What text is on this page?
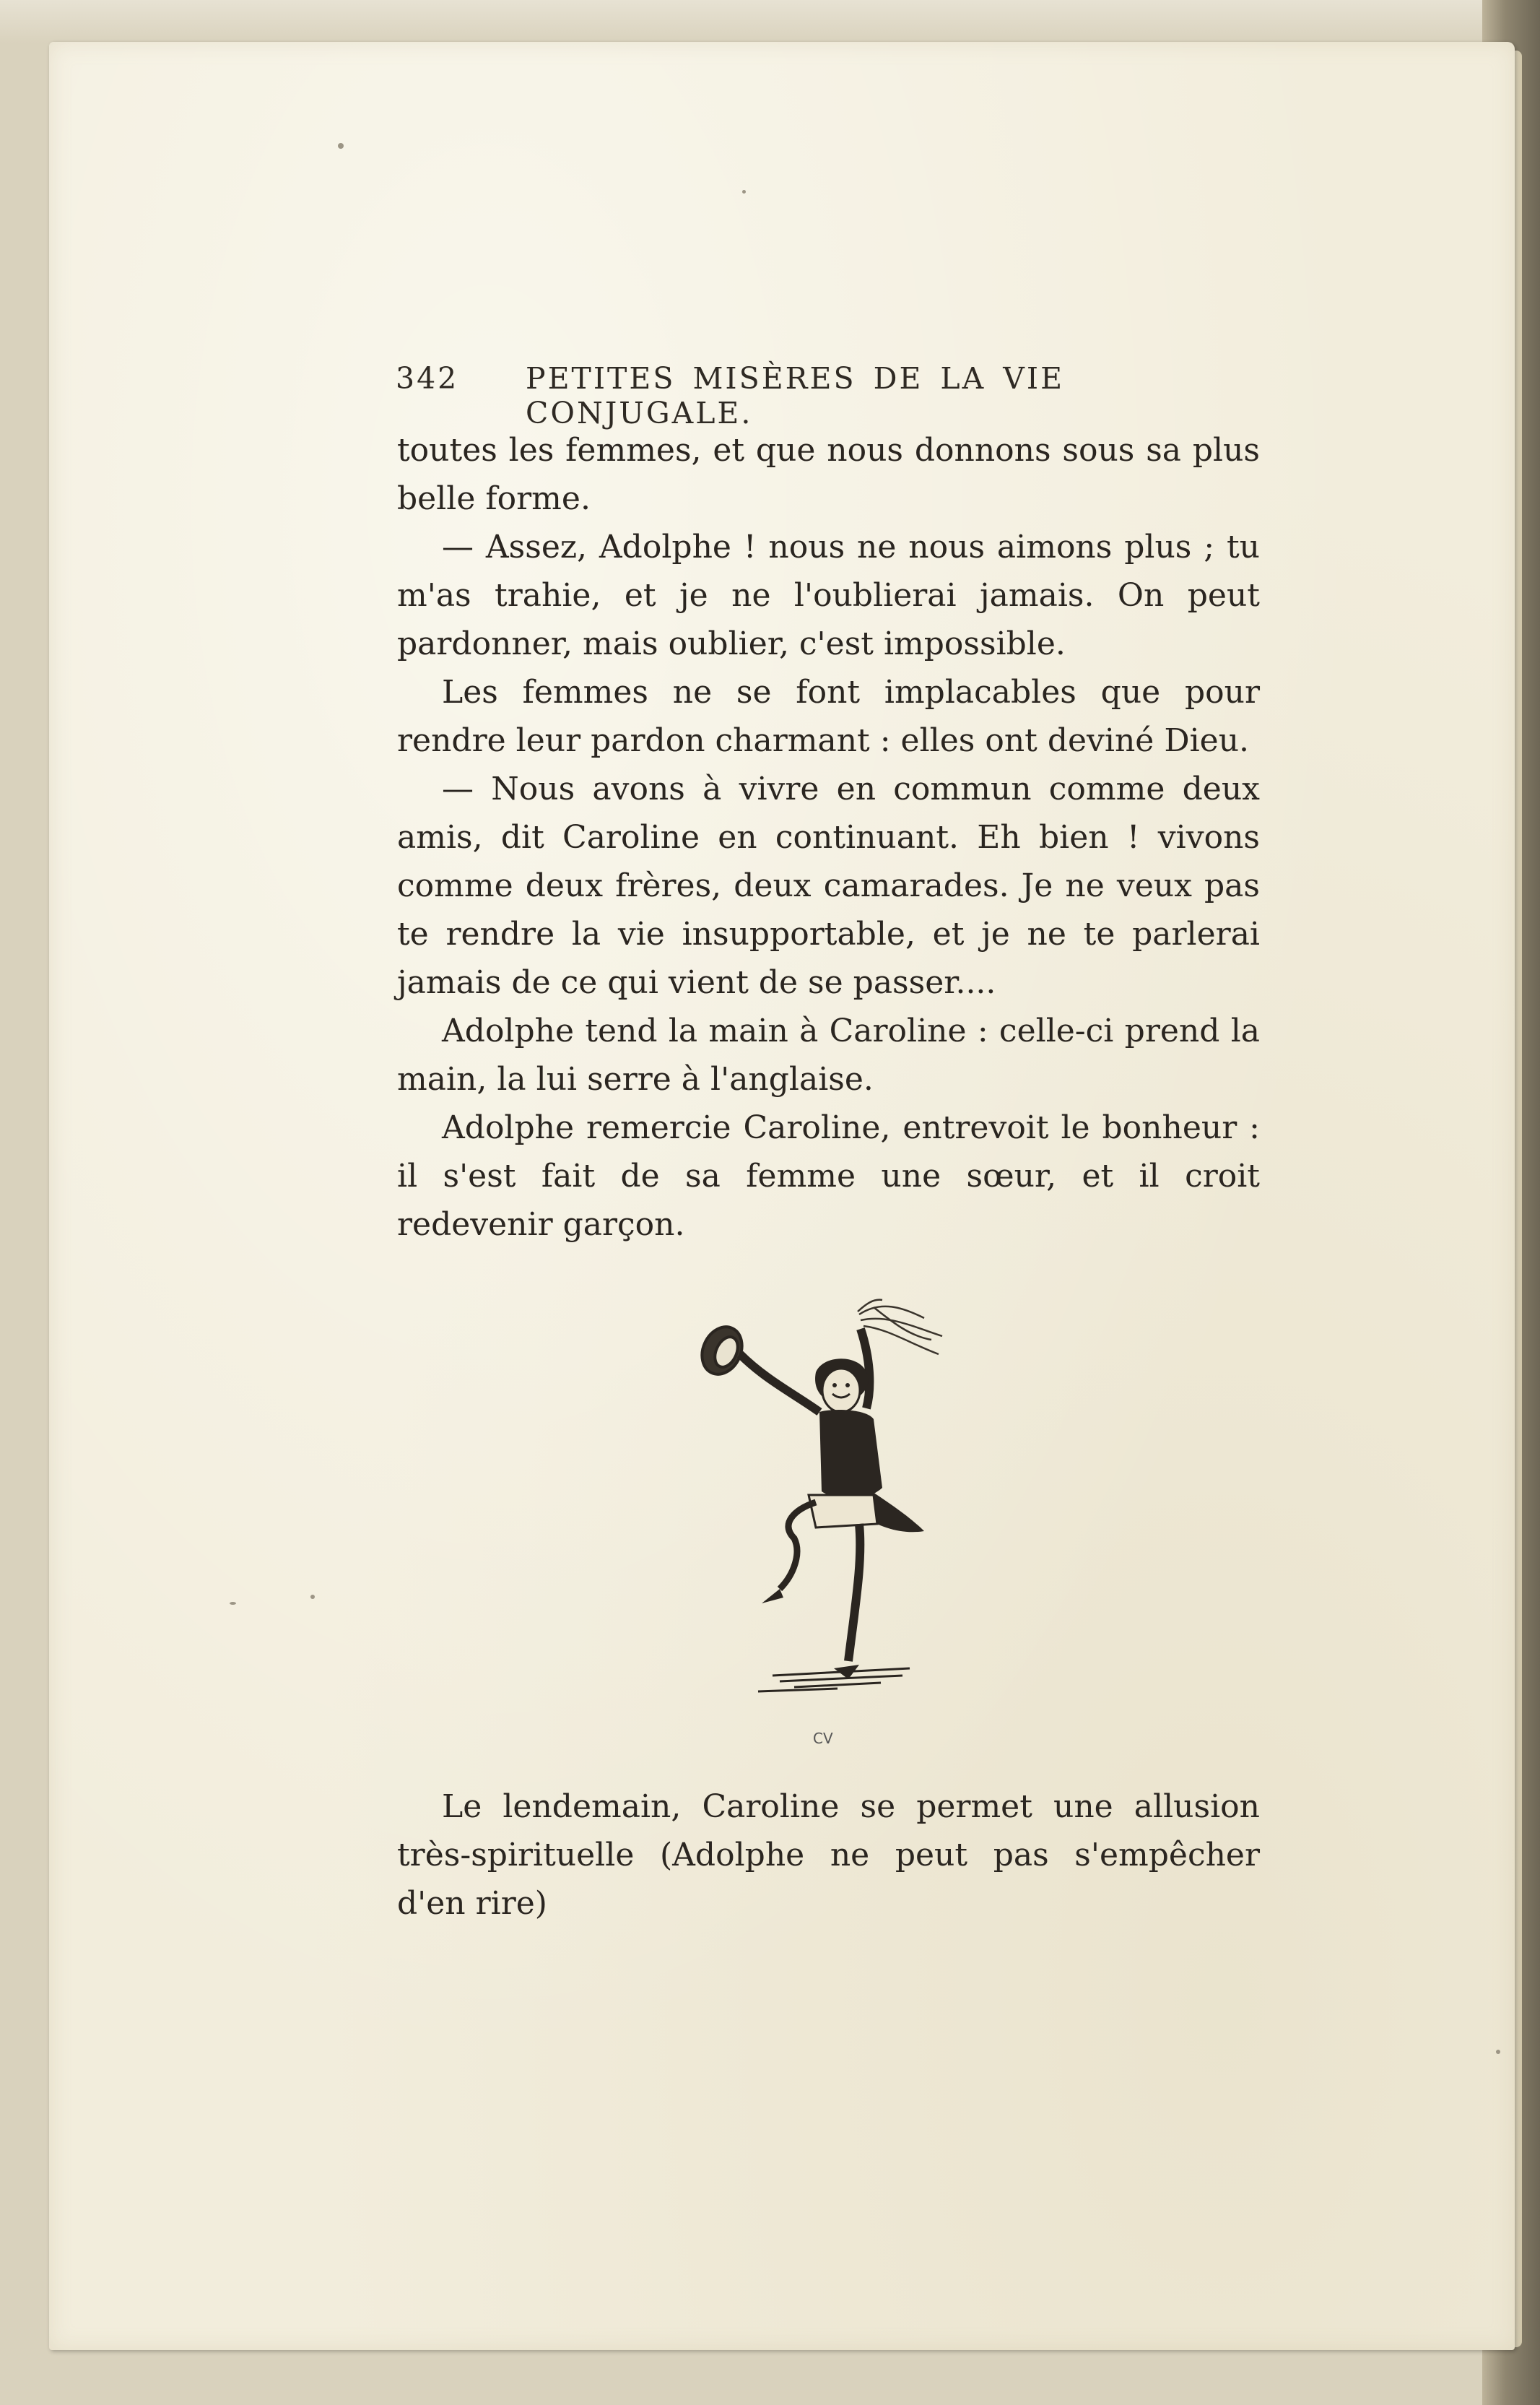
342 PETITES MISÈRES DE LA VIE CONJUGALE.

toutes les femmes, et que nous donnons sous sa plus belle forme.

— Assez, Adolphe ! nous ne nous aimons plus ; tu m'as trahie, et je ne l'oublierai jamais. On peut pardonner, mais oublier, c'est impossible.

Les femmes ne se font implacables que pour rendre leur pardon charmant : elles ont deviné Dieu.

— Nous avons à vivre en commun comme deux amis, dit Caroline en continuant. Eh bien ! vivons comme deux frères, deux camarades. Je ne veux pas te rendre la vie insupportable, et je ne te parlerai jamais de ce qui vient de se passer....

Adolphe tend la main à Caroline : celle-ci prend la main, la lui serre à l'anglaise.

Adolphe remercie Caroline, entrevoit le bonheur : il s'est fait de sa femme une sœur, et il croit redevenir garçon.

CV

Le lendemain, Caroline se permet une allusion très-spirituelle (Adolphe ne peut pas s'empêcher d'en rire)
